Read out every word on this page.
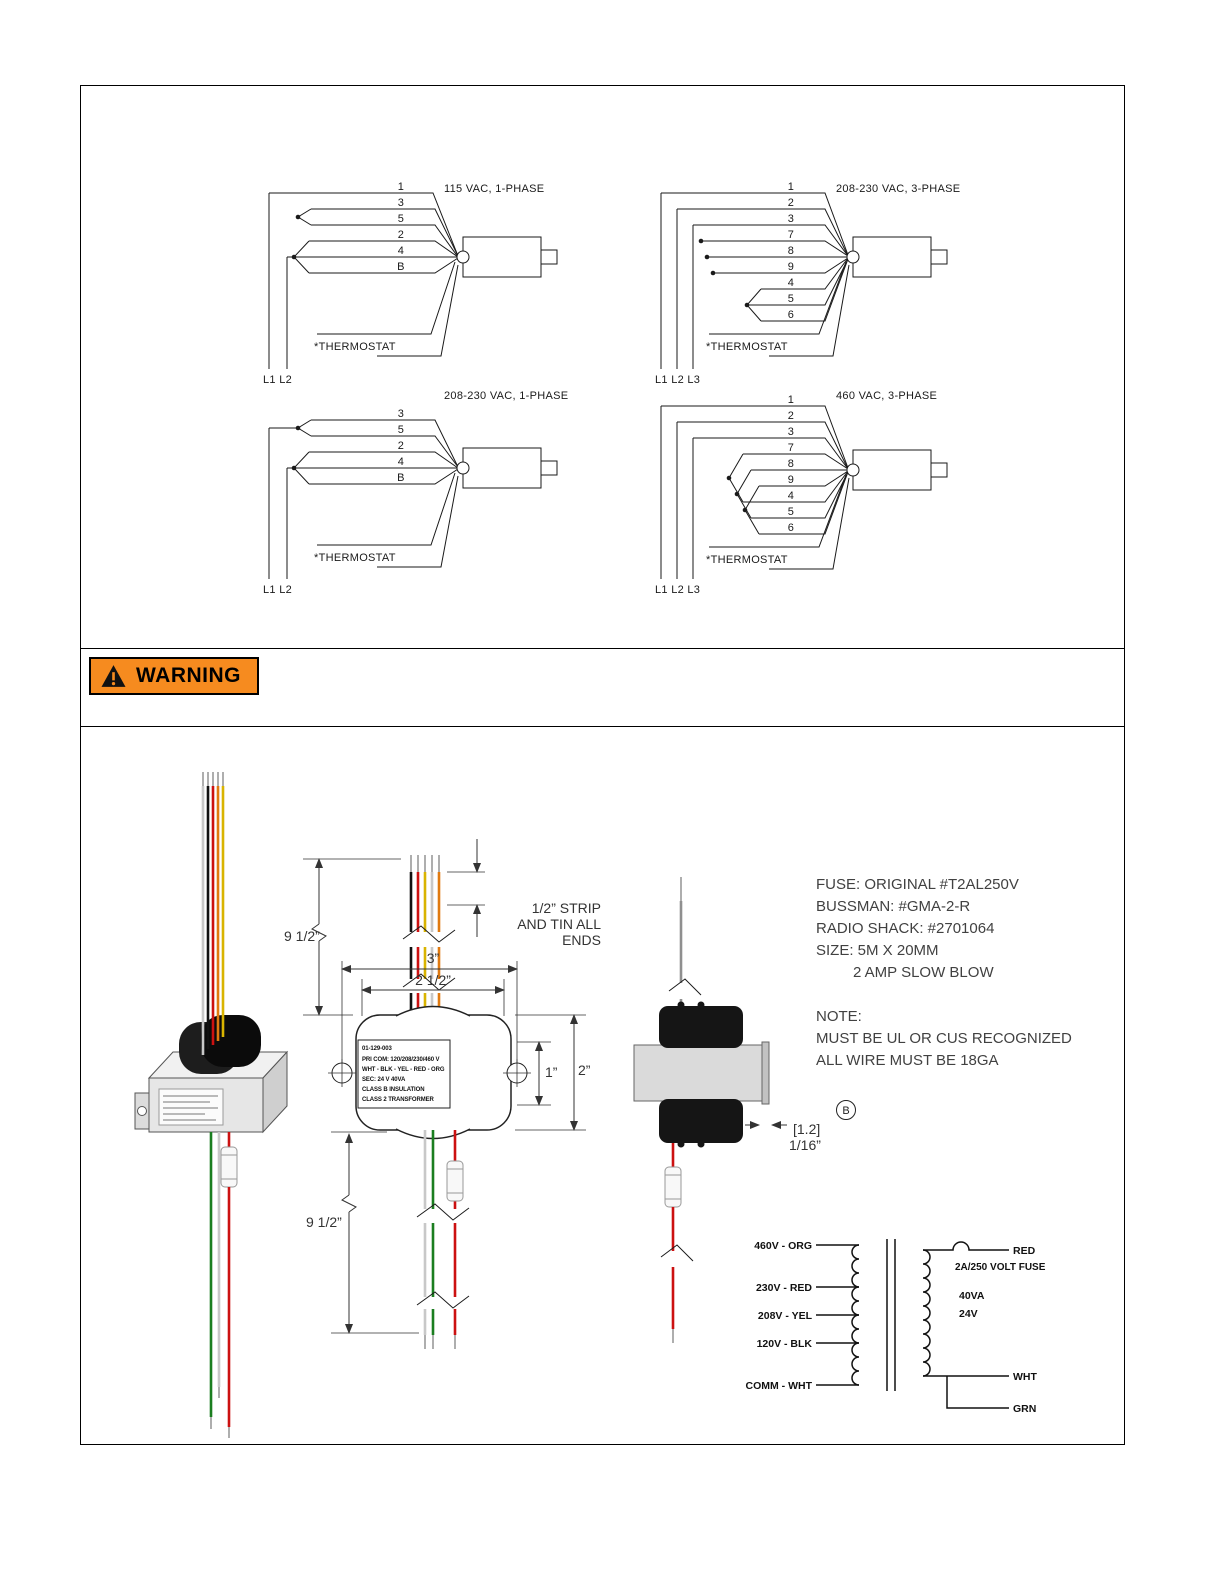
115 VAC, 1-PHASE
1
3
5
2
4
B
*THERMOSTAT
L1 L2
208-230 VAC, 3-PHASE
1
2
3
7
8
9
4
5
6
*THERMOSTAT
L1 L2 L3
208-230 VAC, 1-PHASE
3
5
2
4
B
*THERMOSTAT
L1 L2
460 VAC, 3-PHASE
1
2
3
7
8
9
4
5
6
*THERMOSTAT
L1 L2 L3
WARNING
1/2” STRIP
AND TIN ALL
ENDS
9 1/2”
3”
2 1/2”
01-129-003
PRI COM: 120/208/230/460 V
WHT - BLK - YEL - RED - ORG
SEC: 24 V 40VA
CLASS B INSULATION
CLASS 2 TRANSFORMER
1” 2”
9 1/2”
[1.2]
1/16”
B
FUSE: ORIGINAL #T2AL250V
BUSSMAN: #GMA-2-R
RADIO SHACK: #2701064
SIZE: 5M X 20MM
2 AMP SLOW BLOW
NOTE:
MUST BE UL OR CUS RECOGNIZED
ALL WIRE MUST BE 18GA
460V - ORG
230V - RED
208V - YEL
120V - BLK
COMM - WHT
RED
2A/250 VOLT FUSE
40VA
24V
WHT
GRN
